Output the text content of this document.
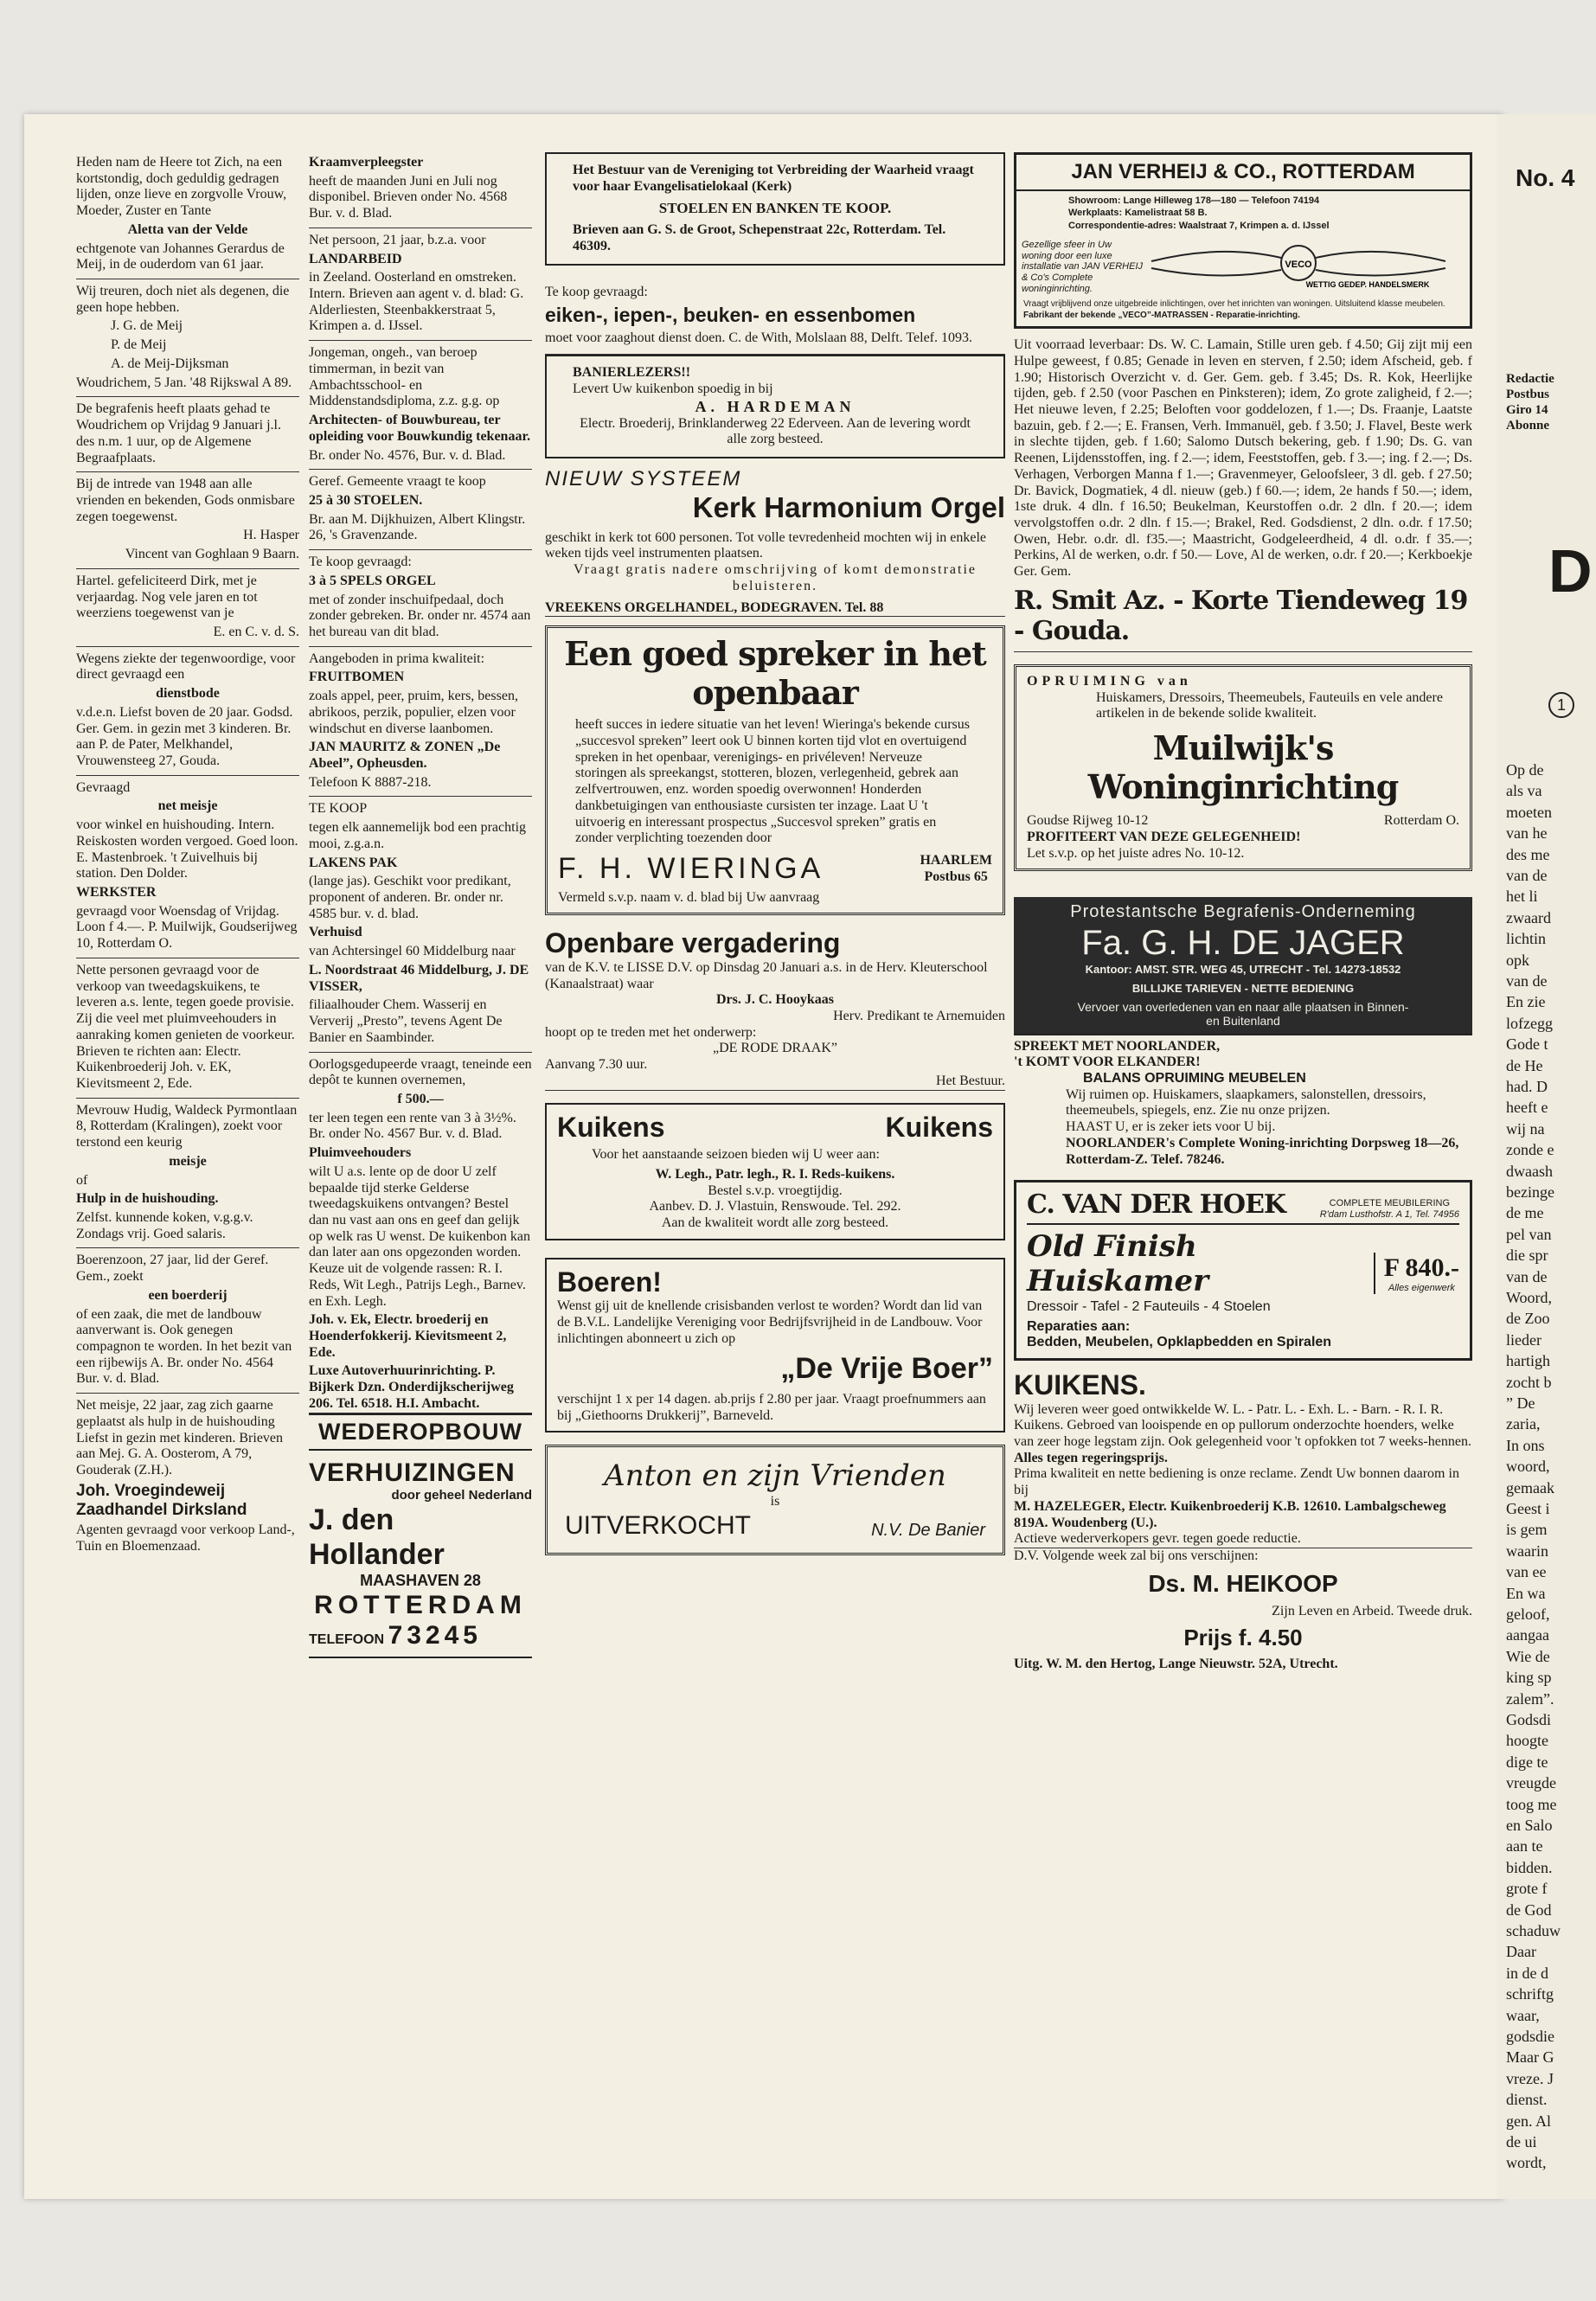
Heden nam de Heere tot Zich, na een kortstondig, doch geduldig gedragen lijden, onze lieve en zorgvolle Vrouw, Moeder, Zuster en Tante

Aletta van der Velde

echtgenote van Johannes Gerardus de Meij, in de ouderdom van 61 jaar.

Wij treuren, doch niet als degenen, die geen hope hebben.

J. G. de Meij

P. de Meij

A. de Meij-Dijksman

Woudrichem, 5 Jan. '48 Rijkswal A 89.

De begrafenis heeft plaats gehad te Woudrichem op Vrijdag 9 Januari j.l. des n.m. 1 uur, op de Algemene Begraafplaats.

Bij de intrede van 1948 aan alle vrienden en bekenden, Gods onmisbare zegen toegewenst.

H. Hasper

Vincent van Goghlaan 9 Baarn.

Hartel. gefeliciteerd Dirk, met je verjaardag. Nog vele jaren en tot weerziens toegewenst van je

E. en C. v. d. S.

Wegens ziekte der tegenwoordige, voor direct gevraagd een

dienstbode

v.d.e.n. Liefst boven de 20 jaar. Godsd. Ger. Gem. in gezin met 3 kinderen. Br. aan P. de Pater, Melkhandel, Vrouwensteeg 27, Gouda.

Gevraagd

net meisje

voor winkel en huishouding. Intern. Reiskosten worden vergoed. Goed loon. E. Mastenbroek. 't Zuivelhuis bij station. Den Dolder.

WERKSTER

gevraagd voor Woensdag of Vrijdag. Loon f 4.—. P. Muilwijk, Goudserijweg 10, Rotterdam O.

Nette personen gevraagd voor de verkoop van tweedagskuikens, te leveren a.s. lente, tegen goede provisie. Zij die veel met pluimveehouders in aanraking komen genieten de voorkeur. Brieven te richten aan: Electr. Kuikenbroederij Joh. v. EK, Kievitsmeent 2, Ede.

Mevrouw Hudig, Waldeck Pyrmontlaan 8, Rotterdam (Kralingen), zoekt voor terstond een keurig

meisje

of

Hulp in de huishouding.

Zelfst. kunnende koken, v.g.g.v. Zondags vrij. Goed salaris.

Boerenzoon, 27 jaar, lid der Geref. Gem., zoekt

een boerderij

of een zaak, die met de landbouw aanverwant is. Ook genegen compagnon te worden. In het bezit van een rijbewijs A. Br. onder No. 4564 Bur. v. d. Blad.

Net meisje, 22 jaar, zag zich gaarne geplaatst als hulp in de huishouding Liefst in gezin met kinderen. Brieven aan Mej. G. A. Oosterom, A 79, Gouderak (Z.H.).

Joh. Vroegindeweij Zaadhandel Dirksland

Agenten gevraagd voor verkoop Land-, Tuin en Bloemenzaad.

Kraamverpleegster

heeft de maanden Juni en Juli nog disponibel. Brieven onder No. 4568 Bur. v. d. Blad.

Net persoon, 21 jaar, b.z.a. voor

LANDARBEID

in Zeeland. Oosterland en omstreken. Intern. Brieven aan agent v. d. blad: G. Alderliesten, Steenbakkerstraat 5, Krimpen a. d. IJssel.

Jongeman, ongeh., van beroep timmerman, in bezit van Ambachtsschool- en Middenstandsdiploma, z.z. g.g. op

Architecten- of Bouwbureau, ter opleiding voor Bouwkundig tekenaar.

Br. onder No. 4576, Bur. v. d. Blad.

Geref. Gemeente vraagt te koop

25 à 30 STOELEN.

Br. aan M. Dijkhuizen, Albert Klingstr. 26, 's Gravenzande.

Te koop gevraagd:

3 à 5 SPELS ORGEL

met of zonder inschuifpedaal, doch zonder gebreken. Br. onder nr. 4574 aan het bureau van dit blad.

Aangeboden in prima kwaliteit:

FRUITBOMEN

zoals appel, peer, pruim, kers, bessen, abrikoos, perzik, populier, elzen voor windschut en diverse laanbomen.

JAN MAURITZ & ZONEN „De Abeel”, Opheusden.

Telefoon K 8887-218.

TE KOOP

tegen elk aannemelijk bod een prachtig mooi, z.g.a.n.

LAKENS PAK

(lange jas). Geschikt voor predikant, proponent of anderen. Br. onder nr. 4585 bur. v. d. blad.

Verhuisd

van Achtersingel 60 Middelburg naar

L. Noordstraat 46 Middelburg, J. DE VISSER,

filiaalhouder Chem. Wasserij en Ververij „Presto”, tevens Agent De Banier en Saambinder.

Oorlogsgedupeerde vraagt, teneinde een depôt te kunnen overnemen,

f 500.—

ter leen tegen een rente van 3 à 3½%. Br. onder No. 4567 Bur. v. d. Blad.

Pluimveehouders

wilt U a.s. lente op de door U zelf bepaalde tijd sterke Gelderse tweedagskuikens ontvangen? Bestel dan nu vast aan ons en geef dan gelijk op welk ras U wenst. De kuikenbon kan dan later aan ons opgezonden worden. Keuze uit de volgende rassen: R. I. Reds, Wit Legh., Patrijs Legh., Barnev. en Exh. Legh.

Joh. v. Ek, Electr. broederij en Hoenderfokkerij. Kievitsmeent 2, Ede.

Luxe Autoverhuurinrichting. P. Bijkerk Dzn. Onderdijkscherijweg 206. Tel. 6518. H.I. Ambacht.

WEDEROPBOUW
VERHUIZINGEN
door geheel Nederland
J. den Hollander
MAASHAVEN 28
ROTTERDAM
TELEFOON 73245

Het Bestuur van de Vereniging tot Verbreiding der Waarheid vraagt voor haar Evangelisatielokaal (Kerk)

STOELEN EN BANKEN TE KOOP.

Brieven aan G. S. de Groot, Schepenstraat 22c, Rotterdam. Tel. 46309.

Te koop gevraagd:

eiken-, iepen-, beuken- en essenbomen

moet voor zaaghout dienst doen. C. de With, Molslaan 88, Delft. Telef. 1093.

BANIERLEZERS!!

Levert Uw kuikenbon spoedig in bij

A. HARDEMAN

Electr. Broederij, Brinklanderweg 22 Ederveen. Aan de levering wordt alle zorg besteed.

NIEUW SYSTEEM

Kerk Harmonium Orgel

geschikt in kerk tot 600 personen. Tot volle tevredenheid mochten wij in enkele weken tijds veel instrumenten plaatsen.

Vraagt gratis nadere omschrijving of komt demonstratie beluisteren.

VREEKENS ORGELHANDEL, BODEGRAVEN. Tel. 88

Een goed spreker in het openbaar

heeft succes in iedere situatie van het leven! Wieringa's bekende cursus „succesvol spreken” leert ook U binnen korten tijd vlot en overtuigend spreken in het openbaar, verenigings- en privéleven! Nerveuze storingen als spreekangst, stotteren, blozen, verlegenheid, gebrek aan zelfvertrouwen, enz. worden spoedig overwonnen! Honderden dankbetuigingen van enthousiaste cursisten ter inzage. Laat U 't uitvoerig en interessant prospectus „Succesvol spreken” gratis en zonder verplichting toezenden door

F. H. WIERINGA	HAARLEM
Postbus 65

Vermeld s.v.p. naam v. d. blad bij Uw aanvraag

Openbare vergadering

van de K.V. te LISSE D.V. op Dinsdag 20 Januari a.s. in de Herv. Kleuterschool (Kanaalstraat) waar

Drs. J. C. Hooykaas

Herv. Predikant te Arnemuiden

hoopt op te treden met het onderwerp:

„DE RODE DRAAK”

Aanvang 7.30 uur.

Het Bestuur.

Kuikens	Kuikens

Voor het aanstaande seizoen bieden wij U weer aan:

W. Legh., Patr. legh., R. I. Reds-kuikens.

Bestel s.v.p. vroegtijdig.

Aanbev. D. J. Vlastuin, Renswoude. Tel. 292.

Aan de kwaliteit wordt alle zorg besteed.

Boeren!

Wenst gij uit de knellende crisisbanden verlost te worden? Wordt dan lid van de B.V.L. Landelijke Vereniging voor Bedrijfsvrijheid in de Landbouw. Voor inlichtingen abonneert u zich op

„De Vrije Boer”

verschijnt 1 x per 14 dagen. ab.prijs f 2.80 per jaar. Vraagt proefnummers aan bij „Giethoorns Drukkerij”, Barneveld.

Anton en zijn Vrienden

is

UITVERKOCHT	N.V. De Banier
JAN VERHEIJ & CO., ROTTERDAM
Showroom: Lange Hilleweg 178—180 — Telefoon 74194
Werkplaats: Kamelistraat 58 B.
Correspondentie-adres: Waalstraat 7, Krimpen a. d. IJssel
Gezellige sfeer in Uw woning door een luxe installatie van JAN VERHEIJ & Co's Complete woninginrichting.
VECO
WETTIG GEDEP. HANDELSMERK
Vraagt vrijblijvend onze uitgebreide inlichtingen, over het inrichten van woningen. Uitsluitend klasse meubelen.
Fabrikant der bekende „VECO”-MATRASSEN - Reparatie-inrichting.

Uit voorraad leverbaar: Ds. W. C. Lamain, Stille uren geb. f 4.50; Gij zijt mij een Hulpe geweest, f 0.85; Genade in leven en sterven, f 2.50; idem Afscheid, geb. f 1.90; Historisch Overzicht v. d. Ger. Gem. geb. f 3.45; Ds. R. Kok, Heerlijke tijden, geb. f 2.50 (voor Paschen en Pinksteren); idem, Zo grote zaligheid, f 2.—; Het nieuwe leven, f 2.25; Beloften voor goddelozen, f 1.—; Ds. Fraanje, Laatste bazuin, geb. f 2.—; E. Fransen, Verh. Immanuël, geb. f 3.50; J. Flavel, Beste werk in slechte tijden, geb. f 1.60; Salomo Dutsch bekering, geb. f 1.90; Ds. G. van Reenen, Lijdensstoffen, ing. f 2.—; idem, Feeststoffen, geb. f 3.—; ing. f 2.—; Ds. Verhagen, Verborgen Manna f 1.—; Gravenmeyer, Geloofsleer, 3 dl. geb. f 27.50; Dr. Bavick, Dogmatiek, 4 dl. nieuw (geb.) f 60.—; idem, 2e hands f 50.—; idem, 1ste druk. 4 dln. f 16.50; Beukelman, Keurstoffen o.dr. 2 dln. f 20.—; idem vervolgstoffen o.dr. 2 dln. f 15.—; Brakel, Red. Godsdienst, 2 dln. o.dr. f 17.50; Owen, Hebr. o.dr. dl. f35.—; Maastricht, Godgeleerdheid, 4 dl. o.dr. f 35.—; Perkins, Al de werken, o.dr. f 50.— Love, Al de werken, o.dr. f 20.—; Kerkboekje Ger. Gem.

R. Smit Az. - Korte Tiendeweg 19 - Gouda.

OPRUIMING van

Huiskamers, Dressoirs, Theemeubels, Fauteuils en vele andere artikelen in de bekende solide kwaliteit.

Muilwijk's Woninginrichting

Goudse Rijweg 10-12	Rotterdam O.

PROFITEERT VAN DEZE GELEGENHEID!

Let s.v.p. op het juiste adres No. 10-12.

Protestantsche Begrafenis-Onderneming

Fa. G. H. DE JAGER

Kantoor: AMST. STR. WEG 45, UTRECHT - Tel. 14273-18532

BILLIJKE TARIEVEN - NETTE BEDIENING

Vervoer van overledenen van en naar alle plaatsen in Binnen- en Buitenland

SPREEKT MET NOORLANDER,

't KOMT VOOR ELKANDER!

BALANS OPRUIMING MEUBELEN

Wij ruimen op. Huiskamers, slaapkamers, salonstellen, dressoirs, theemeubels, spiegels, enz. Zie nu onze prijzen.

HAAST U, er is zeker iets voor U bij.

NOORLANDER's Complete Woning-inrichting Dorpsweg 18—26, Rotterdam-Z. Telef. 78246.

C. VAN DER HOEK	COMPLETE MEUBILERING
R'dam Lusthofstr. A 1, Tel. 74956

Old Finish Huiskamer

Dressoir - Tafel - 2 Fauteuils - 4 Stoelen

F 840.-

Alles eigenwerk

Reparaties aan:

Bedden, Meubelen, Opklapbedden en Spiralen

KUIKENS.

Wij leveren weer goed ontwikkelde W. L. - Patr. L. - Exh. L. - Barn. - R. I. R. Kuikens. Gebroed van looispende en op pullorum onderzochte hoenders, welke van zeer hoge legstam zijn. Ook gelegenheid voor 't opfokken tot 7 weeks-hennen.

Alles tegen regeringsprijs.

Prima kwaliteit en nette bediening is onze reclame. Zendt Uw bonnen daarom in bij

M. HAZELEGER, Electr. Kuikenbroederij K.B. 12610. Lambalgscheweg 819A. Woudenberg (U.).

Actieve wederverkopers gevr. tegen goede reductie.

D.V. Volgende week zal bij ons verschijnen:

Ds. M. HEIKOOP

Zijn Leven en Arbeid. Tweede druk.

Prijs f. 4.50

Uitg. W. M. den Hertog, Lange Nieuwstr. 52A, Utrecht.

No. 4
Redactie
Postbus
Giro 14
Abonne
D
1
Op de
als va
moeten
van he
des me
van de
het li
zwaard
lichtin
opk
van de
En zie
lofzegg
Gode t
de He
had. D
heeft e
wij na
zonde e
dwaash
bezinge
de me
pel van
die spr
van de
Woord,
de Zoo
lieder
hartigh
zocht b
” De
zaria,
In ons
woord,
gemaak
Geest i
is gem
waarin
van ee
En wa
geloof,
aangaa
Wie de
king sp
zalem”.
Godsdi
hoogte
dige te
vreugde
toog me
en Salo
aan te
bidden.
grote f
de God
schaduw
Daar
in de d
schriftg
waar,
godsdie
Maar G
vreze. J
dienst.
gen. Al
de ui
wordt,
